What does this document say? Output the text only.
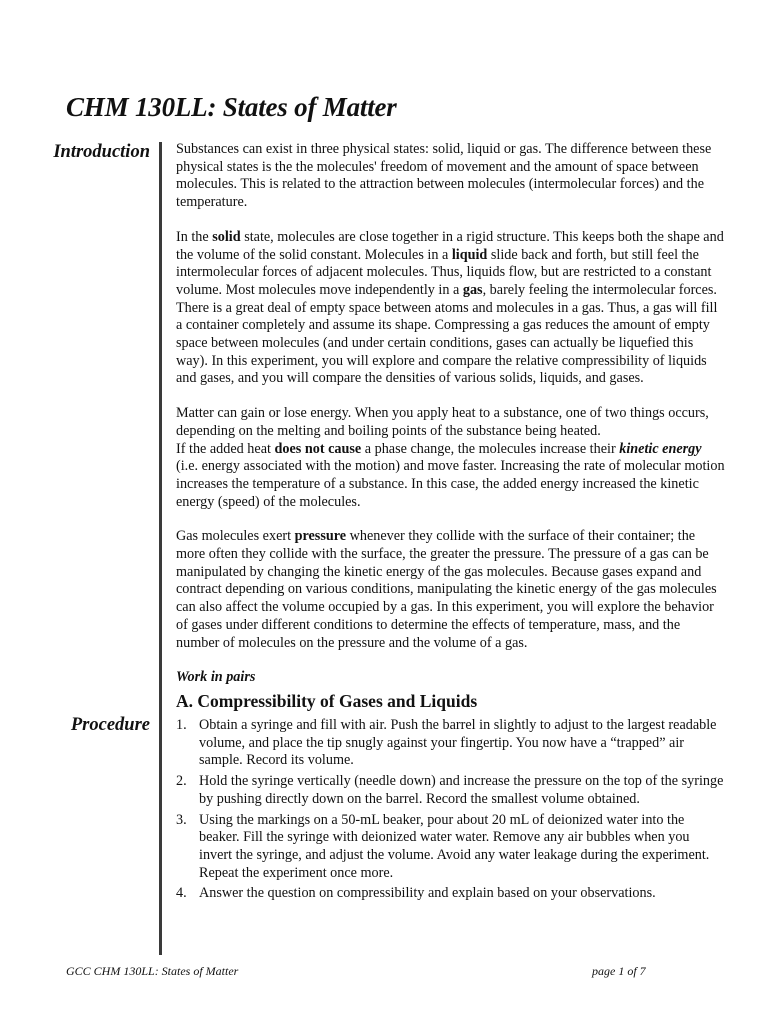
CHM 130LL: States of Matter
Introduction
Procedure

Substances can exist in three physical states: solid, liquid or gas. The difference between these physical states is the the molecules' freedom of movement and the amount of space between molecules. This is related to the attraction between molecules (intermolecular forces) and the temperature.

In the solid state, molecules are close together in a rigid structure. This keeps both the shape and the volume of the solid constant. Molecules in a liquid slide back and forth, but still feel the intermolecular forces of adjacent molecules. Thus, liquids flow, but are restricted to a constant volume. Most molecules move independently in a gas, barely feeling the intermolecular forces. There is a great deal of empty space between atoms and molecules in a gas. Thus, a gas will fill a container completely and assume its shape. Compressing a gas reduces the amount of empty space between molecules (and under certain conditions, gases can actually be liquefied this way). In this experiment, you will explore and compare the relative compressibility of liquids and gases, and you will compare the densities of various solids, liquids, and gases.

Matter can gain or lose energy. When you apply heat to a substance, one of two things occurs, depending on the melting and boiling points of the substance being heated.
If the added heat does not cause a phase change, the molecules increase their kinetic energy (i.e. energy associated with the motion) and move faster. Increasing the rate of molecular motion increases the temperature of a substance. In this case, the added energy increased the kinetic energy (speed) of the molecules.

Gas molecules exert pressure whenever they collide with the surface of their container; the more often they collide with the surface, the greater the pressure. The pressure of a gas can be manipulated by changing the kinetic energy of the gas molecules. Because gases expand and contract depending on various conditions, manipulating the kinetic energy of the gas molecules can also affect the volume occupied by a gas. In this experiment, you will explore the behavior of gases under different conditions to determine the effects of temperature, mass, and the number of molecules on the pressure and the volume of a gas.

Work in pairs
A. Compressibility of Gases and Liquids
1. Obtain a syringe and fill with air. Push the barrel in slightly to adjust to the largest readable volume, and place the tip snugly against your fingertip. You now have a “trapped” air sample. Record its volume.
2. Hold the syringe vertically (needle down) and increase the pressure on the top of the syringe by pushing directly down on the barrel. Record the smallest volume obtained.
3. Using the markings on a 50-mL beaker, pour about 20 mL of deionized water into the beaker. Fill the syringe with deionized water water. Remove any air bubbles when you invert the syringe, and adjust the volume. Avoid any water leakage during the experiment. Repeat the experiment once more.
4. Answer the question on compressibility and explain based on your observations.
GCC CHM 130LL: States of Matter	page 1 of 7
